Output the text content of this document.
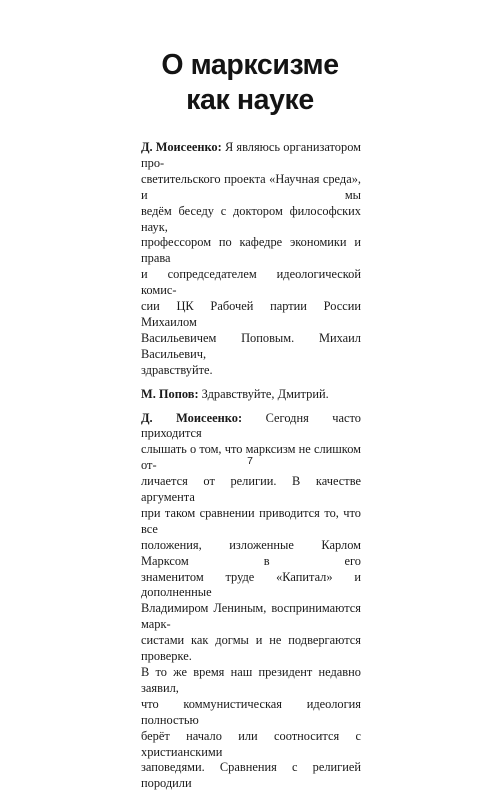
О марксизме
как науке
Д. Моисеенко: Я являюсь организатором про-
светительского проекта «Научная среда», и мы
ведём беседу с доктором философских наук,
профессором по кафедре экономики и права
и сопредседателем идеологической комис-
сии ЦК Рабочей партии России Михаилом
Васильевичем Поповым. Михаил Васильевич,
здравствуйте.
М. Попов: Здравствуйте, Дмитрий.
Д. Моисеенко: Сегодня часто приходится
слышать о том, что марксизм не слишком от-
личается от религии. В качестве аргумента
при таком сравнении приводится то, что все
положения, изложенные Карлом Марксом в его
знаменитом труде «Капитал» и дополненные
Владимиром Лениным, воспринимаются марк-
систами как догмы и не подвергаются проверке.
В то же время наш президент недавно заявил,
что коммунистическая идеология полностью
берёт начало или соотносится с христианскими
заповедями. Сравнения с религией породили
7
